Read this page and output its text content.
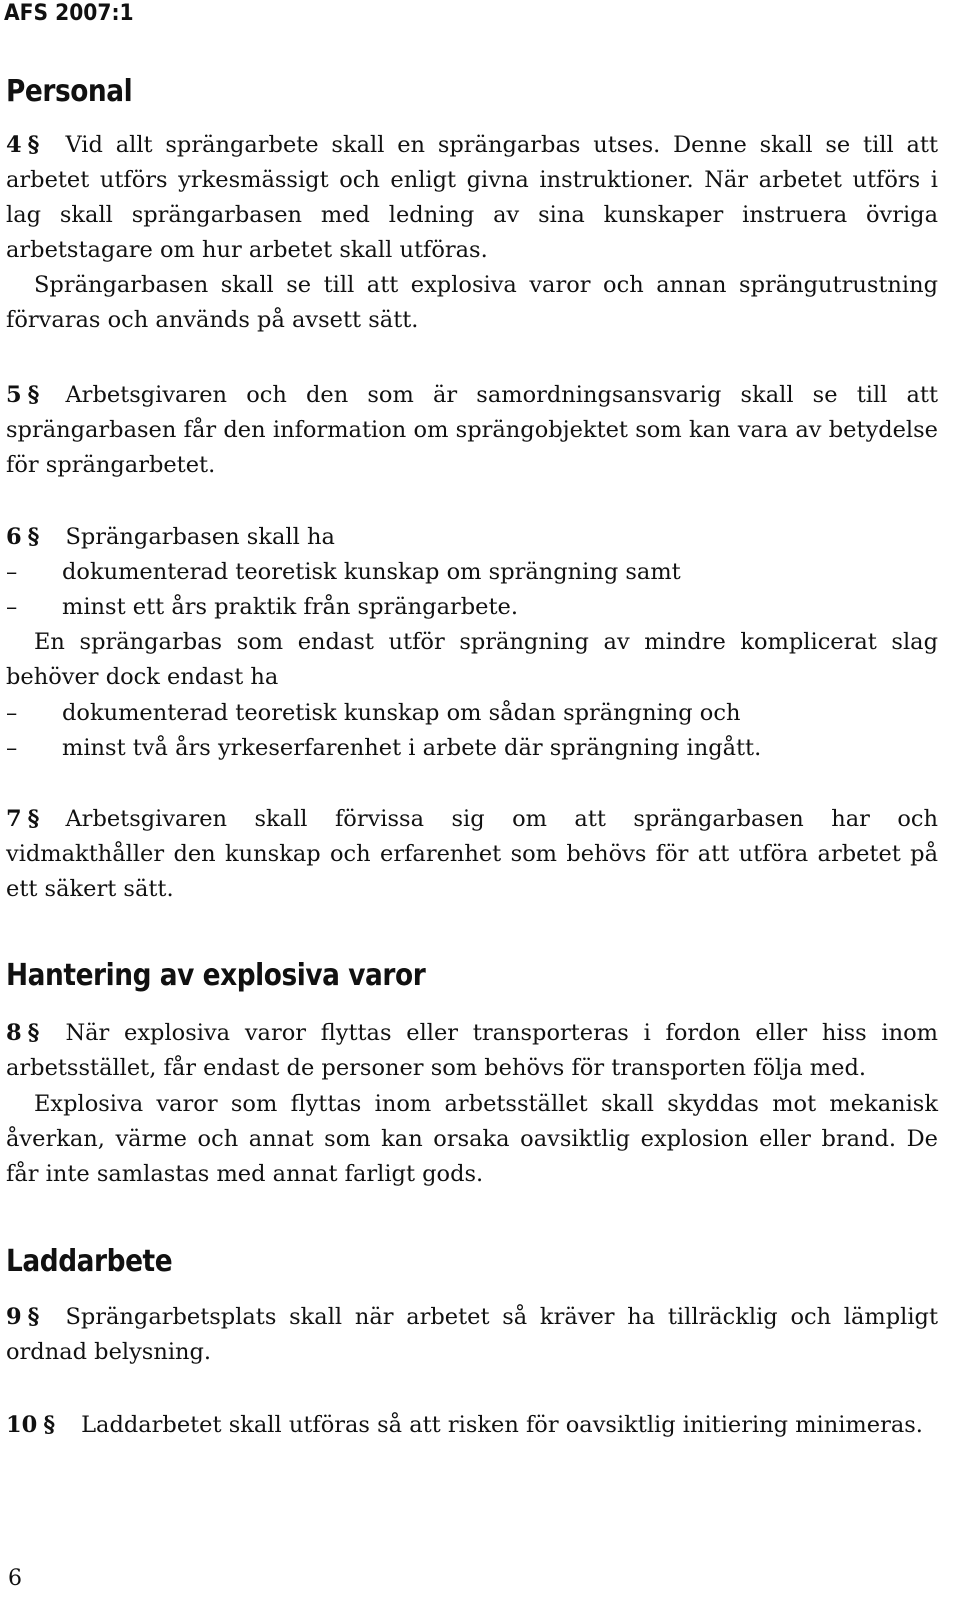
AFS 2007:1
Personal

4 § Vid allt sprängarbete skall en sprängarbas utses. Denne skall se till att arbetet utförs yrkesmässigt och enligt givna instruktioner. När arbetet utförs i lag skall sprängarbasen med ledning av sina kunskaper instruera övriga arbetstagare om hur arbetet skall utföras.

Sprängarbasen skall se till att explosiva varor och annan sprängutrustning förvaras och används på avsett sätt.

5 § Arbetsgivaren och den som är samordningsansvarig skall se till att sprängarbasen får den information om sprängobjektet som kan vara av betydelse för sprängarbetet.

6 § Sprängarbasen skall ha

– dokumenterad teoretisk kunskap om sprängning samt
– minst ett års praktik från sprängarbete.

En sprängarbas som endast utför sprängning av mindre komplicerat slag behöver dock endast ha

– dokumenterad teoretisk kunskap om sådan sprängning och
– minst två års yrkeserfarenhet i arbete där sprängning ingått.

7 § Arbetsgivaren skall förvissa sig om att sprängarbasen har och vidmakthåller den kunskap och erfarenhet som behövs för att utföra arbetet på ett säkert sätt.

Hantering av explosiva varor

8 § När explosiva varor flyttas eller transporteras i fordon eller hiss inom arbetsstället, får endast de personer som behövs för transporten följa med.

Explosiva varor som flyttas inom arbetsstället skall skyddas mot mekanisk åverkan, värme och annat som kan orsaka oavsiktlig explosion eller brand. De får inte samlastas med annat farligt gods.

Laddarbete

9 § Sprängarbetsplats skall när arbetet så kräver ha tillräcklig och lämpligt ordnad belysning.

10 § Laddarbetet skall utföras så att risken för oavsiktlig initiering minimeras.

6
